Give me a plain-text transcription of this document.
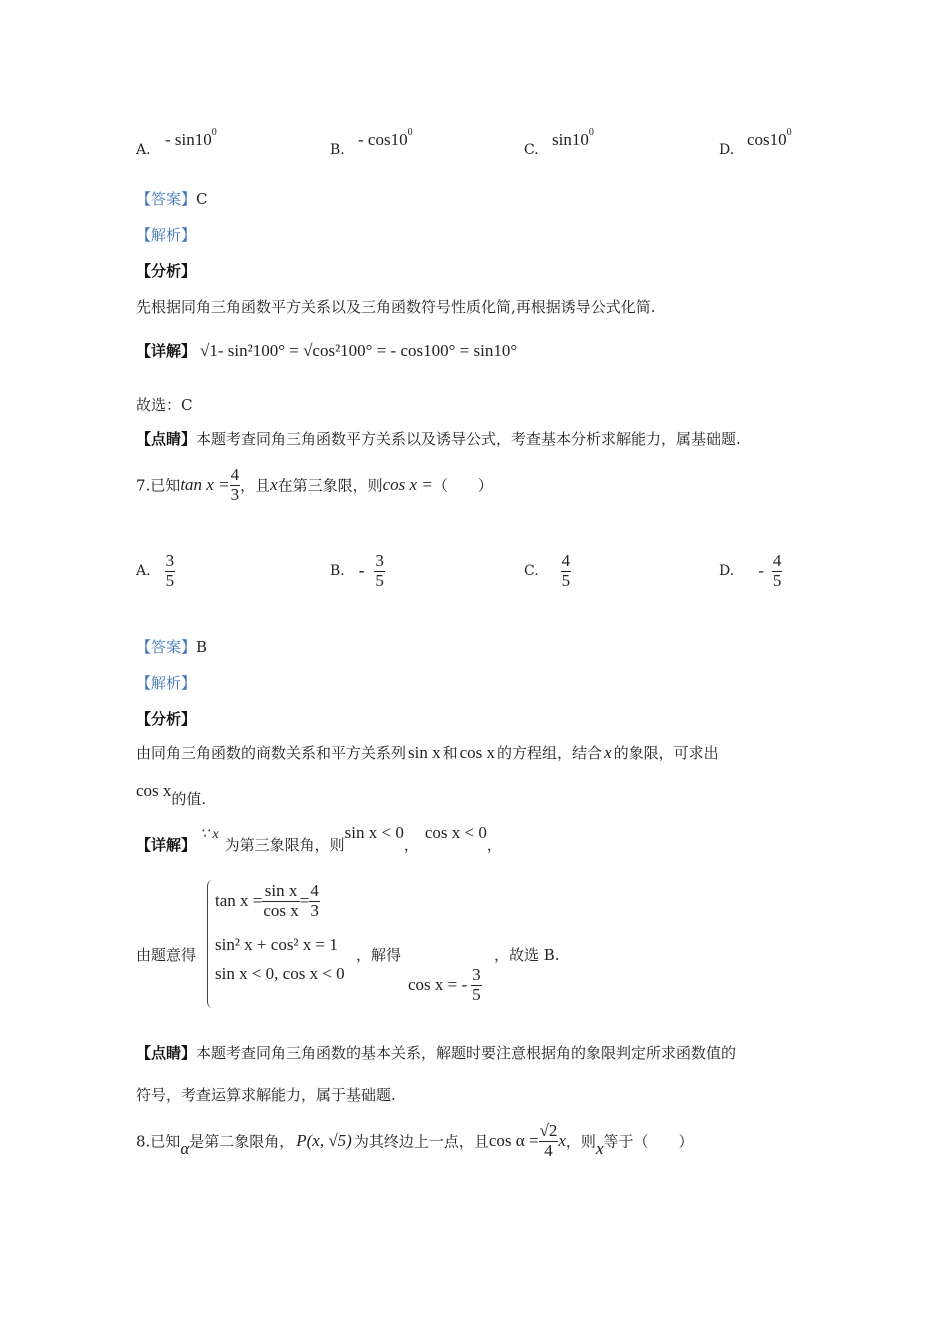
A.
- $\sin 10^0$
B.
- $\cos 10^0$
C.
$\sin 10^0$
D.
$\cos 10^0$
【答案】C
【解析】
【分析】
先根据同角三角函数平方关系以及三角函数符号性质化简,再根据诱导公式化简.
【详解】 √1- sin²100° = √cos²100° = - cos100° = sin10°
故选：C
【点睛】本题考查同角三角函数平方关系以及诱导公式，考查基本分析求解能力，属基础题.
7.已知$\tan x = \frac{4}{3}$ ，且x在第三象限，则cos x =（　　）
A. $\frac{3}{5}$	B. - $\frac{3}{5}$	C. $\frac{4}{5}$	D. - $\frac{4}{5}$
【答案】B
【解析】
【分析】
由同角三角函数的商数关系和平方关系列 sin x 和 cos x 的方程组，结合 x 的象限，可求出
cos x的值.
【详解】∵ x为第三象限角，则sin x < 0，cos x < 0，
由题意得
$\tan x = \frac{\text{sin x}}{\text{cos x}} = \frac{4}{3}$
sin² x + cos² x = 1
sin x < 0, cos x < 0
，解得
cos x = - $\frac{3}{5}$
，故选 B.
【点睛】本题考查同角三角函数的基本关系，解题时要注意根据角的象限判定所求函数值的
符号，考查运算求解能力，属于基础题.
8.已知α是第二象限角， P(x, √5) 为其终边上一点，且$\cos \alpha = \frac{√2}{4}$ x，则x等于（　　）
